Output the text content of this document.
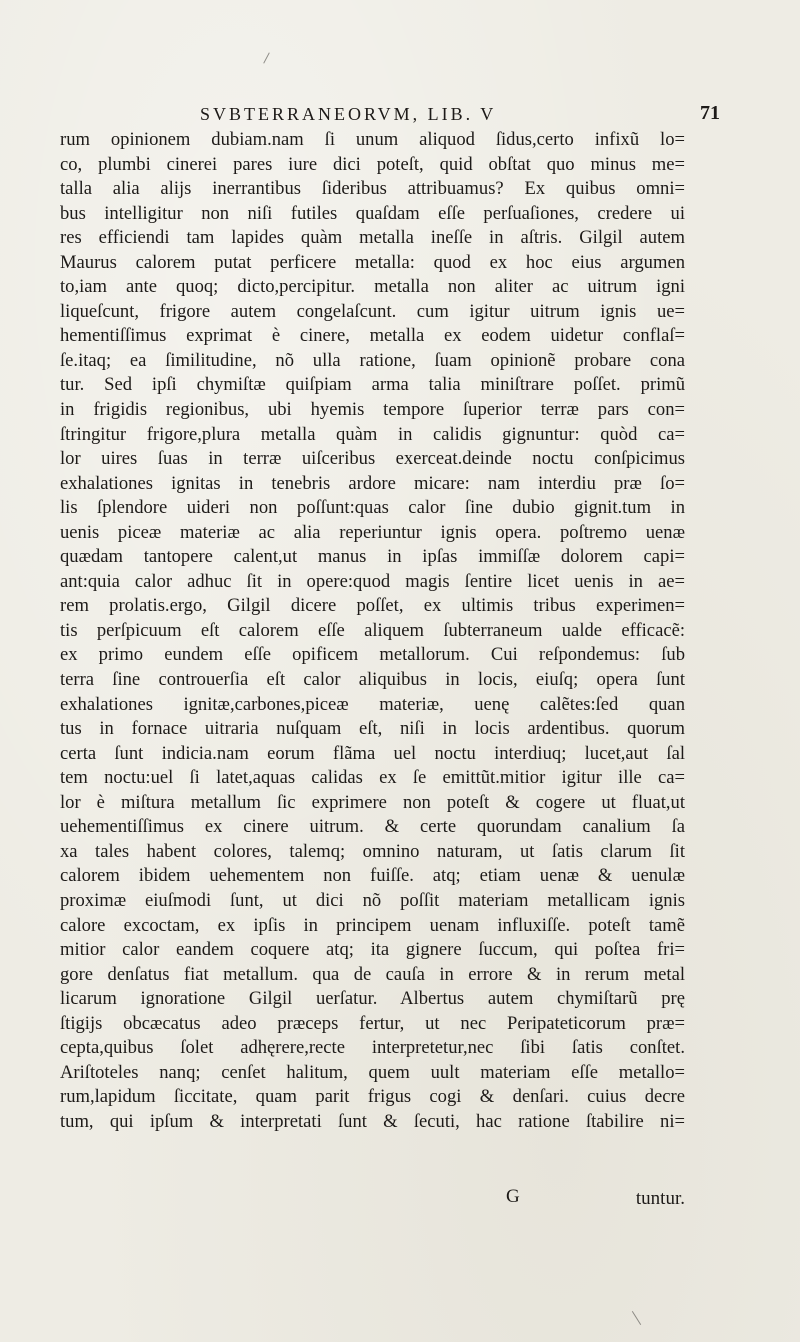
SVBTERRANEORVM, LIB. V	71
rum opinionem dubiam.nam ſi unum aliquod ſidus,certo infixũ lo=
co, plumbi cinerei pares iure dici poteſt, quid obſtat quo minus me=
talla alia alijs inerrantibus ſideribus attribuamus? Ex quibus omni=
bus intelligitur non niſi futiles quaſdam eſſe perſuaſiones, credere ui
res efficiendi tam lapides quàm metalla ineſſe in aſtris. Gilgil autem
Maurus calorem putat perficere metalla: quod ex hoc eius argumen
to,iam ante quoq; dicto,percipitur. metalla non aliter ac uitrum igni
liqueſcunt, frigore autem congelaſcunt. cum igitur uitrum ignis ue=
hementiſſimus exprimat è cinere, metalla ex eodem uidetur conflaſ=
ſe.itaq; ea ſimilitudine, nõ ulla ratione, ſuam opinionẽ probare cona
tur. Sed ipſi chymiſtæ quiſpiam arma talia miniſtrare poſſet. primũ
in frigidis regionibus, ubi hyemis tempore ſuperior terræ pars con=
ſtringitur frigore,plura metalla quàm in calidis gignuntur: quòd ca=
lor uires ſuas in terræ uiſceribus exerceat.deinde noctu conſpicimus
exhalationes ignitas in tenebris ardore micare: nam interdiu præ ſo=
lis ſplendore uideri non poſſunt:quas calor ſine dubio gignit.tum in
uenis piceæ materiæ ac alia reperiuntur ignis opera. poſtremo uenæ
quædam tantopere calent,ut manus in ipſas immiſſæ dolorem capi=
ant:quia calor adhuc ſit in opere:quod magis ſentire licet uenis in ae=
rem prolatis.ergo, Gilgil dicere poſſet, ex ultimis tribus experimen=
tis perſpicuum eſt calorem eſſe aliquem ſubterraneum ualde efficacẽ:
ex primo eundem eſſe opificem metallorum. Cui reſpondemus: ſub
terra ſine controuerſia eſt calor aliquibus in locis, eiuſq; opera ſunt
exhalationes ignitæ,carbones,piceæ materiæ, uenę calẽtes:ſed quan
tus in fornace uitraria nuſquam eſt, niſi in locis ardentibus. quorum
certa ſunt indicia.nam eorum flãma uel noctu interdiuq; lucet,aut ſal
tem noctu:uel ſi latet,aquas calidas ex ſe emittũt.mitior igitur ille ca=
lor è miſtura metallum ſic exprimere non poteſt & cogere ut fluat,ut
uehementiſſimus ex cinere uitrum. & certe quorundam canalium ſa
xa tales habent colores, talemq; omnino naturam, ut ſatis clarum ſit
calorem ibidem uehementem non fuiſſe. atq; etiam uenæ & uenulæ
proximæ eiuſmodi ſunt, ut dici nõ poſſit materiam metallicam ignis
calore excoctam, ex ipſis in principem uenam influxiſſe. poteſt tamẽ
mitior calor eandem coquere atq; ita gignere ſuccum, qui poſtea fri=
gore denſatus fiat metallum. qua de cauſa in errore & in rerum metal
licarum ignoratione Gilgil uerſatur. Albertus autem chymiſtarũ prę
ſtigijs obcæcatus adeo præceps fertur, ut nec Peripateticorum præ=
cepta,quibus ſolet adhęrere,recte interpretetur,nec ſibi ſatis conſtet.
Ariſtoteles nanq; cenſet halitum, quem uult materiam eſſe metallo=
rum,lapidum ſiccitate, quam parit frigus cogi & denſari. cuius decre
tum, qui ipſum & interpretati ſunt & ſecuti, hac ratione ſtabilire ni=
G	tuntur.
